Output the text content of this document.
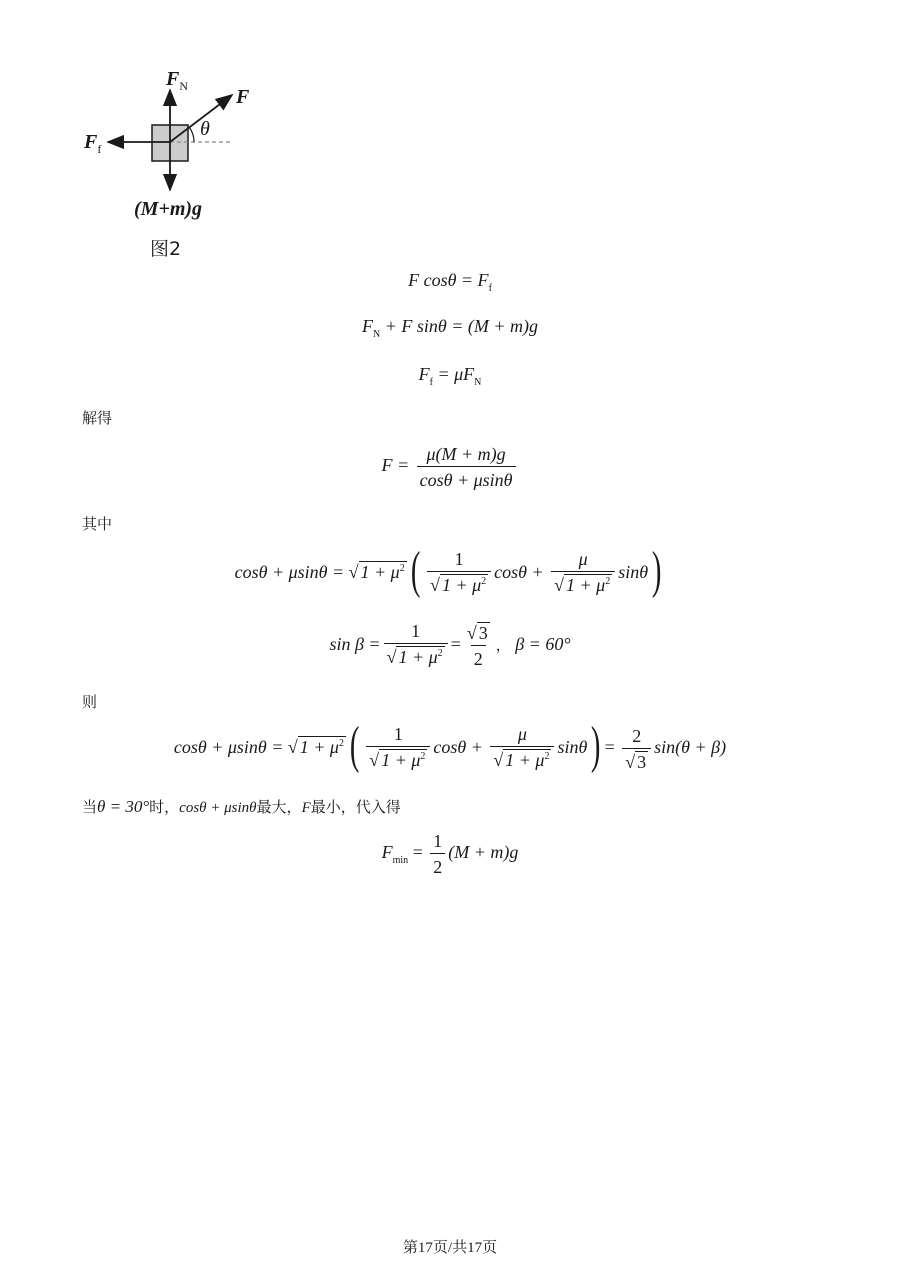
$F_N$ F
θ
$F_f$
(M+m)g
图2
F $\cos\theta = F_f$
$F_N + F$ sinθ = (M + m)g
$F_f = \mu F_N$
解得
$F = \frac{\mu(M + m)g}{\cos\theta + \mu\sin\theta}$
其中
cosθ + μsinθ = √ $1 + \mu^2$ ( $\frac{1}{√ 1 + \mu^2}$ $\cos\theta + \frac{\mu}{√ 1 + \mu^2} \sin\theta$)
$\sin \beta = \frac{1}{√ 1 + \mu^2} = \frac{√ 3}{2}$ ， β = 60°
则
cosθ + μsinθ = √ $1 + \mu^2$ ( $\frac{1}{√ 1 + \mu^2}$ $\cos\theta + \frac{\mu}{√ 1 + \mu^2} \sin\theta) = \frac{2}{√ 3} \sin(\theta + \beta)$
当θ = 30°时，cosθ + μsinθ最大，F最小，代入得
$F_{min} = \frac{1}{2} (M + m)g$
第17页/共17页
